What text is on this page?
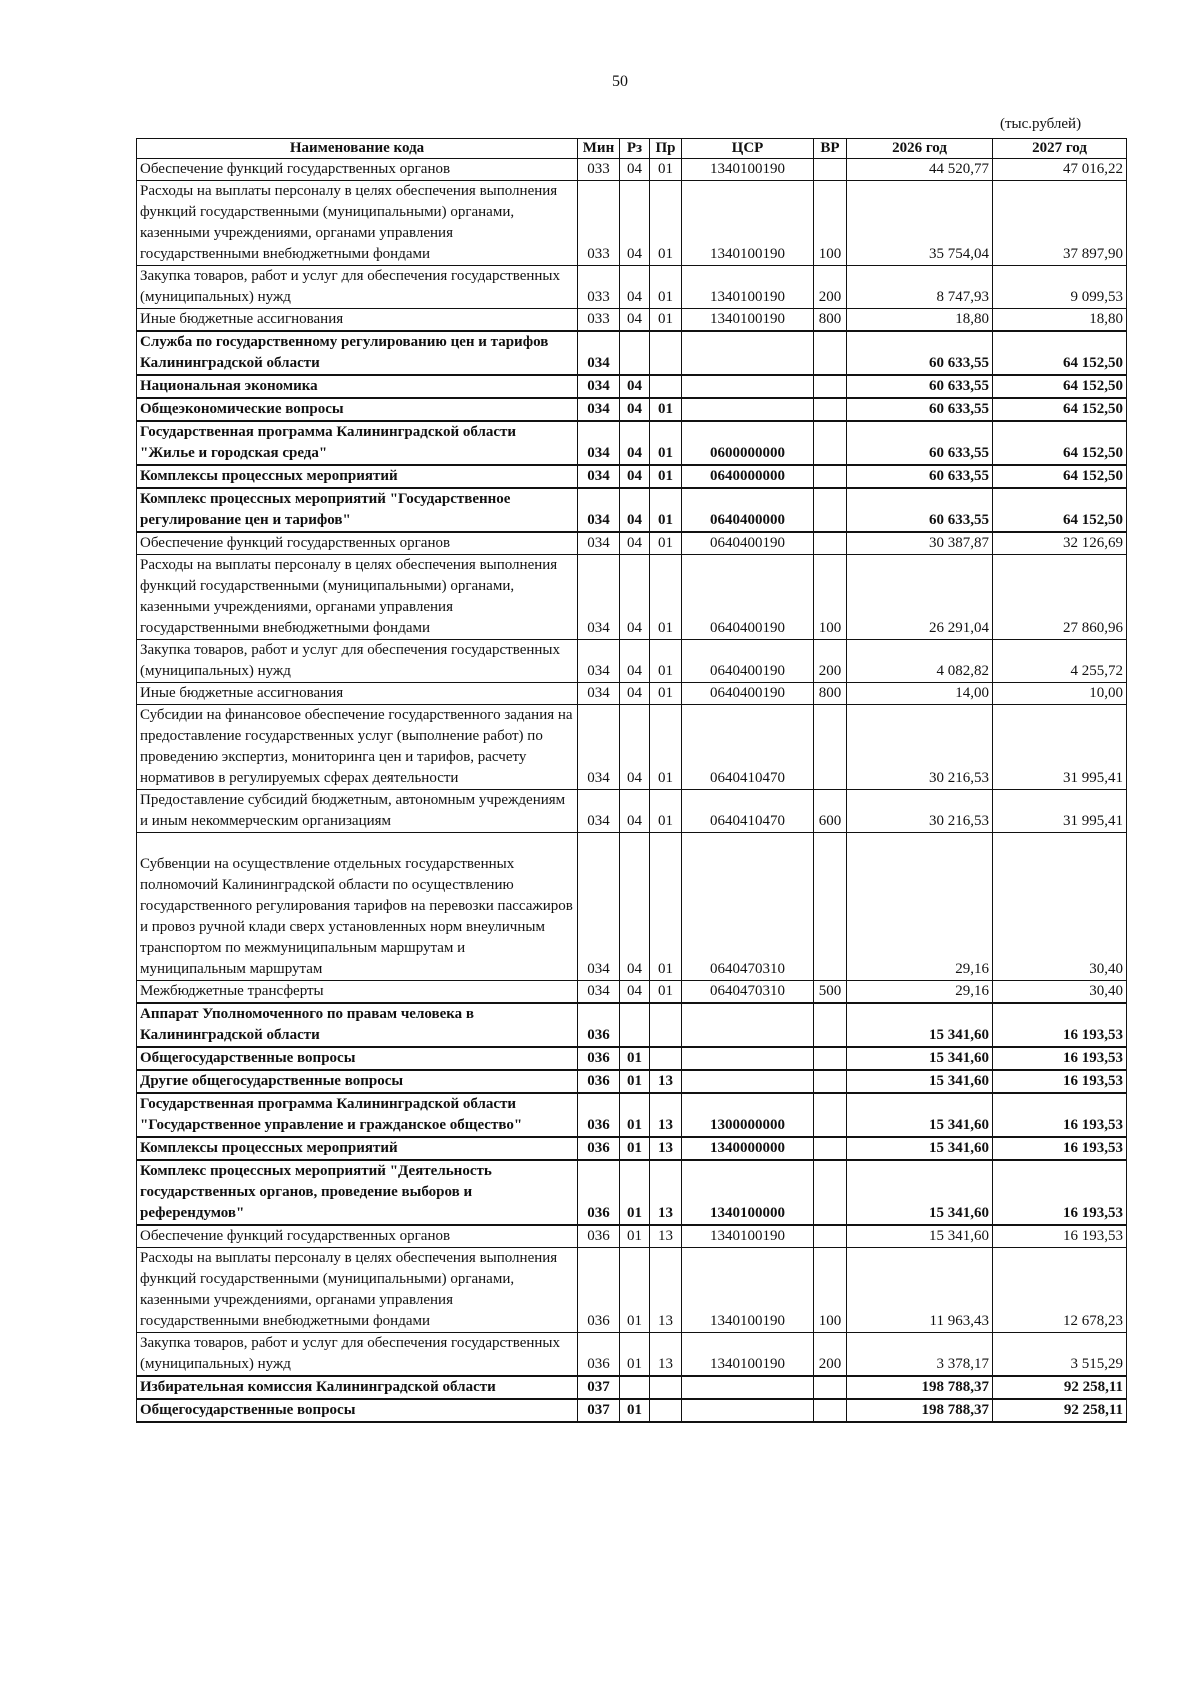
50
(тыс.рублей)
Наименование кода	Мин	Рз	Пр	ЦСР	ВР	2026 год	2027 год
Обеспечение функций государственных органов	033	04	01	1340100190		44 520,77	47 016,22
Расходы на выплаты персоналу в целях обеспечения выполнения функций государственными (муниципальными) органами, казенными учреждениями, органами управления государственными внебюджетными фондами	033	04	01	1340100190	100	35 754,04	37 897,90
Закупка товаров, работ и услуг для обеспечения государственных (муниципальных) нужд	033	04	01	1340100190	200	8 747,93	9 099,53
Иные бюджетные ассигнования	033	04	01	1340100190	800	18,80	18,80
Служба по государственному регулированию цен и тарифов Калининградской области	034					60 633,55	64 152,50
Национальная экономика	034	04				60 633,55	64 152,50
Общеэкономические вопросы	034	04	01			60 633,55	64 152,50
Государственная программа Калининградской области "Жилье и городская среда"	034	04	01	0600000000		60 633,55	64 152,50
Комплексы процессных мероприятий	034	04	01	0640000000		60 633,55	64 152,50
Комплекс процессных мероприятий "Государственное регулирование цен и тарифов"	034	04	01	0640400000		60 633,55	64 152,50
Обеспечение функций государственных органов	034	04	01	0640400190		30 387,87	32 126,69
Расходы на выплаты персоналу в целях обеспечения выполнения функций государственными (муниципальными) органами, казенными учреждениями, органами управления государственными внебюджетными фондами	034	04	01	0640400190	100	26 291,04	27 860,96
Закупка товаров, работ и услуг для обеспечения государственных (муниципальных) нужд	034	04	01	0640400190	200	4 082,82	4 255,72
Иные бюджетные ассигнования	034	04	01	0640400190	800	14,00	10,00
Субсидии на финансовое обеспечение государственного задания на предоставление государственных услуг (выполнение работ) по проведению экспертиз, мониторинга цен и тарифов, расчету нормативов в регулируемых сферах деятельности	034	04	01	0640410470		30 216,53	31 995,41
Предоставление субсидий бюджетным, автономным учреждениям и иным некоммерческим организациям	034	04	01	0640410470	600	30 216,53	31 995,41
Субвенции на осуществление отдельных государственных полномочий Калининградской области по осуществлению государственного регулирования тарифов на перевозки пассажиров и провоз ручной клади сверх установленных норм внеуличным транспортом по межмуниципальным маршрутам и муниципальным маршрутам	034	04	01	0640470310		29,16	30,40
Межбюджетные трансферты	034	04	01	0640470310	500	29,16	30,40
Аппарат Уполномоченного по правам человека в Калининградской области	036					15 341,60	16 193,53
Общегосударственные вопросы	036	01				15 341,60	16 193,53
Другие общегосударственные вопросы	036	01	13			15 341,60	16 193,53
Государственная программа Калининградской области "Государственное управление и гражданское общество"	036	01	13	1300000000		15 341,60	16 193,53
Комплексы процессных мероприятий	036	01	13	1340000000		15 341,60	16 193,53
Комплекс процессных мероприятий "Деятельность государственных органов, проведение выборов и референдумов"	036	01	13	1340100000		15 341,60	16 193,53
Обеспечение функций государственных органов	036	01	13	1340100190		15 341,60	16 193,53
Расходы на выплаты персоналу в целях обеспечения выполнения функций государственными (муниципальными) органами, казенными учреждениями, органами управления государственными внебюджетными фондами	036	01	13	1340100190	100	11 963,43	12 678,23
Закупка товаров, работ и услуг для обеспечения государственных (муниципальных) нужд	036	01	13	1340100190	200	3 378,17	3 515,29
Избирательная комиссия Калининградской области	037					198 788,37	92 258,11
Общегосударственные вопросы	037	01				198 788,37	92 258,11
